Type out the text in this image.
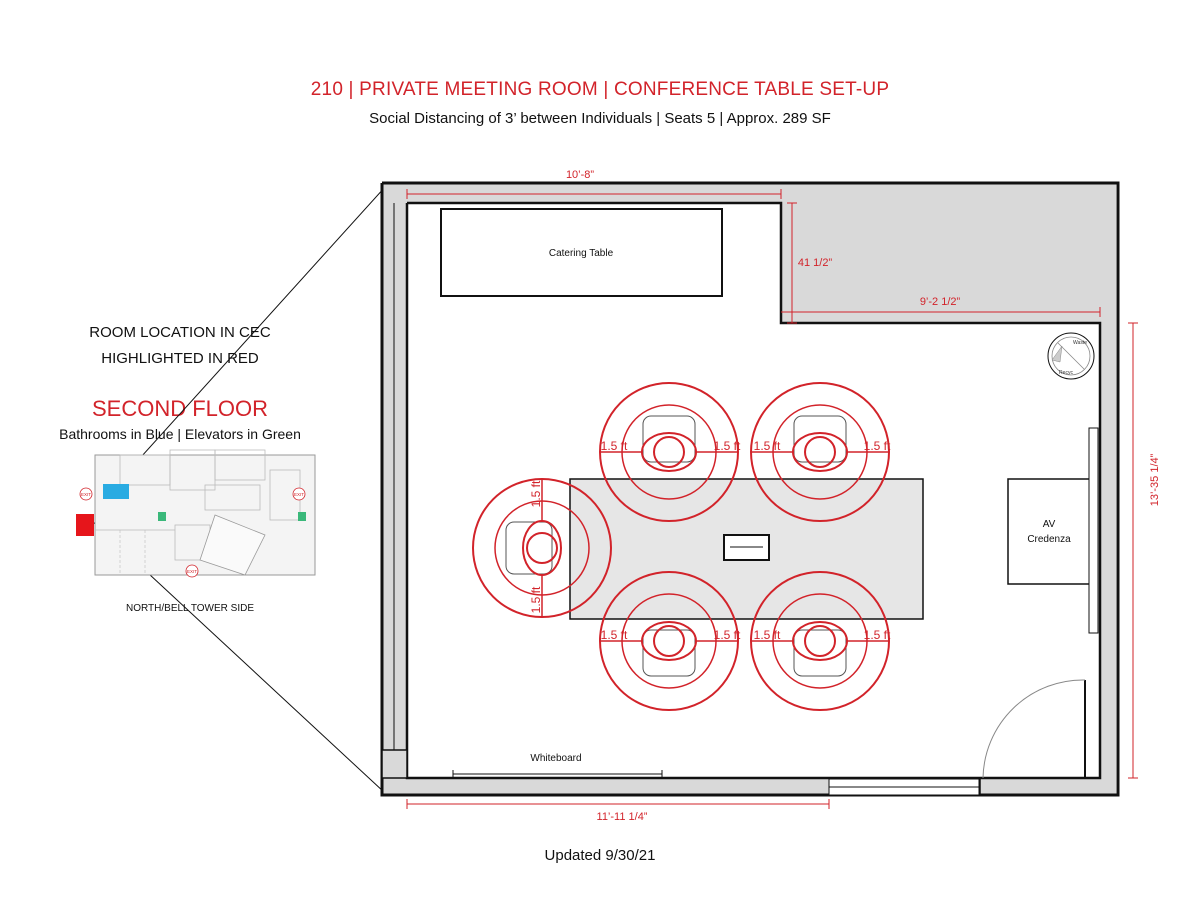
210 | PRIVATE MEETING ROOM | CONFERENCE TABLE SET-UP
Social Distancing of 3’ between Individuals | Seats 5 | Approx. 289 SF
ROOM LOCATION IN CEC
HIGHLIGHTED IN RED
SECOND FLOOR
Bathrooms in Blue | Elevators in Green
NORTH/BELL TOWER SIDE
EXIT	EXIT
EXIT
10’-8”
41 1/2”
9’-2 1/2”
13’-35 1/4”
11’-11 1/4”
Catering Table
AV
Credenza
Waste
Recyc
Whiteboard
1.5 ft	1.5 ft 1.5 ft	1.5 ft
1.5 ft	1.5 ft 1.5 ft	1.5 ft
1.5 ft
1.5 ft
Updated 9/30/21
